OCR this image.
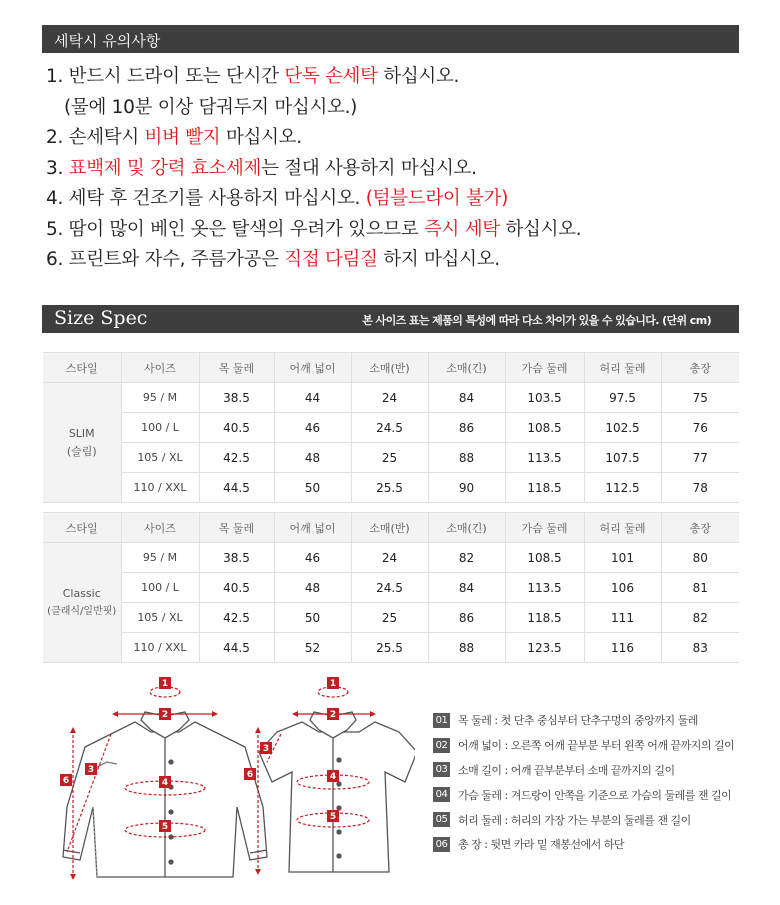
세탁시 유의사항
1. 반드시 드라이 또는 단시간 단독 손세탁 하십시오.
(물에 10분 이상 담궈두지 마십시오.)
2. 손세탁시 비벼 빨지 마십시오.
3. 표백제 및 강력 효소세제는 절대 사용하지 마십시오.
4. 세탁 후 건조기를 사용하지 마십시오. (텀블드라이 불가)
5. 땀이 많이 베인 옷은 탈색의 우려가 있으므로 즉시 세탁 하십시오.
6. 프린트와 자수, 주름가공은 직접 다림질 하지 마십시오.
Size Spec	본 사이즈 표는 제품의 특성에 따라 다소 차이가 있을 수 있습니다. (단위 cm)
스타일	사이즈	목 둘레	어깨 넓이	소매(반)	소매(긴)	가슴 둘레	허리 둘레	총장

SLIM
(슬림)	95 / M	38.5	44	24	84	103.5	97.5	75
	100 / L	40.5	46	24.5	86	108.5	102.5	76
	105 / XL	42.5	48	25	88	113.5	107.5	77
	110 / XXL	44.5	50	25.5	90	118.5	112.5	78
스타일	사이즈	목 둘레	어깨 넓이	소매(반)	소매(긴)	가슴 둘레	허리 둘레	총장

Classic
(클래식/일반핏)	95 / M	38.5	46	24	82	108.5	101	80
	100 / L	40.5	48	24.5	84	113.5	106	81
	105 / XL	42.5	50	25	86	118.5	111	82
	110 / XXL	44.5	52	25.5	88	123.5	116	83
1
2
3
4
5
6
1
2
3
4
5
6
01 목 둘레 : 첫 단추 중심부터 단추구멍의 중앙까지 둘레
02 어깨 넓이 : 오른쪽 어깨 끝부분 부터 왼쪽 어깨 끝까지의 길이
03 소매 길이 : 어깨 끝부분부터 소매 끝까지의 길이
04 가슴 둘레 : 겨드랑이 안쪽을 기준으로 가슴의 둘레를 잰 길이
05 허리 둘레 : 허리의 가장 가는 부분의 둘레를 잰 길이
06 총 장 : 뒷면 카라 밑 재봉선에서 하단
